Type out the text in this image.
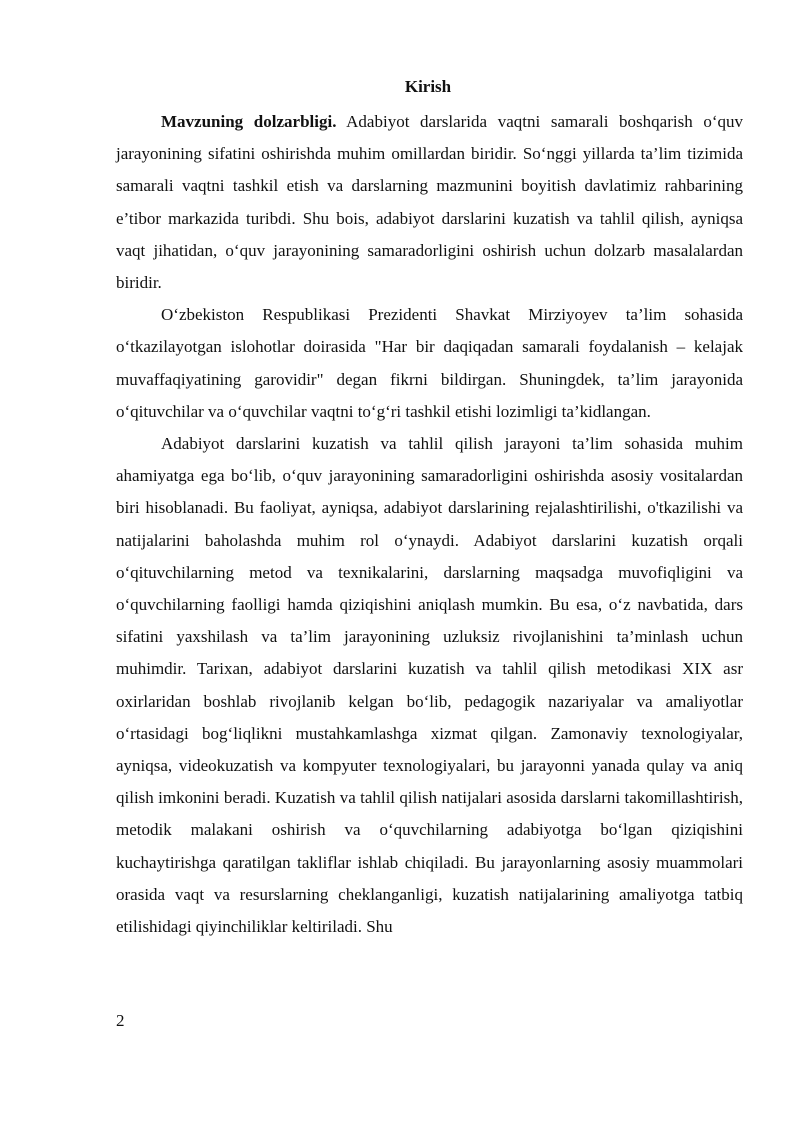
Kirish

Mavzuning dolzarbligi. Adabiyot darslarida vaqtni samarali boshqarish o‘quv jarayonining sifatini oshirishda muhim omillardan biridir. So‘nggi yillarda ta’lim tizimida samarali vaqtni tashkil etish va darslarning mazmunini boyitish davlatimiz rahbarining e’tibor markazida turibdi. Shu bois, adabiyot darslarini kuzatish va tahlil qilish, ayniqsa vaqt jihatidan, o‘quv jarayonining samaradorligini oshirish uchun dolzarb masalalardan biridir.

O‘zbekiston Respublikasi Prezidenti Shavkat Mirziyoyev ta’lim sohasida o‘tkazilayotgan islohotlar doirasida "Har bir daqiqadan samarali foydalanish – kelajak muvaffaqiyatining garovidir" degan fikrni bildirgan. Shuningdek, ta’lim jarayonida o‘qituvchilar va o‘quvchilar vaqtni to‘g‘ri tashkil etishi lozimligi ta’kidlangan.

Adabiyot darslarini kuzatish va tahlil qilish jarayoni ta’lim sohasida muhim ahamiyatga ega bo‘lib, o‘quv jarayonining samaradorligini oshirishda asosiy vositalardan biri hisoblanadi. Bu faoliyat, ayniqsa, adabiyot darslarining rejalashtirilishi, o'tkazilishi va natijalarini baholashda muhim rol o‘ynaydi. Adabiyot darslarini kuzatish orqali o‘qituvchilarning metod va texnikalarini, darslarning maqsadga muvofiqligini va o‘quvchilarning faolligi hamda qiziqishini aniqlash mumkin. Bu esa, o‘z navbatida, dars sifatini yaxshilash va ta’lim jarayonining uzluksiz rivojlanishini ta’minlash uchun muhimdir. Tarixan, adabiyot darslarini kuzatish va tahlil qilish metodikasi XIX asr oxirlaridan boshlab rivojlanib kelgan bo‘lib, pedagogik nazariyalar va amaliyotlar o‘rtasidagi bog‘liqlikni mustahkamlashga xizmat qilgan. Zamonaviy texnologiyalar, ayniqsa, videokuzatish va kompyuter texnologiyalari, bu jarayonni yanada qulay va aniq qilish imkonini beradi. Kuzatish va tahlil qilish natijalari asosida darslarni takomillashtirish, metodik malakani oshirish va o‘quvchilarning adabiyotga bo‘lgan qiziqishini kuchaytirishga qaratilgan takliflar ishlab chiqiladi. Bu jarayonlarning asosiy muammolari orasida vaqt va resurslarning cheklanganligi, kuzatish natijalarining amaliyotga tatbiq etilishidagi qiyinchiliklar keltiriladi. Shu

2
